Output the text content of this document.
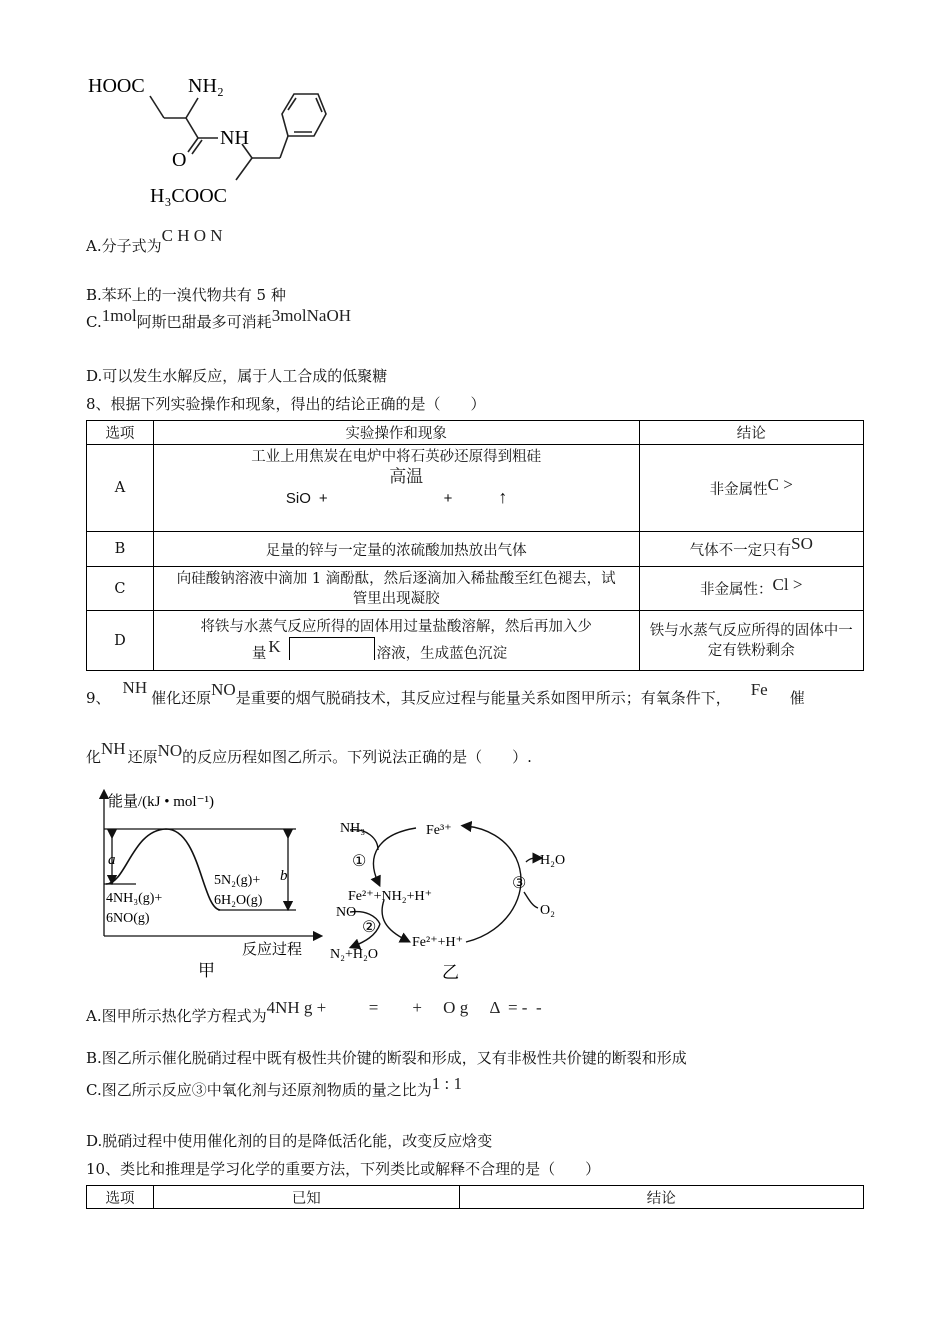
HOOC NH₂
NH
O
H₃COOC
A.分子式为C H O N
B.苯环上的一溴代物共有 5 种
C.1mol阿斯巴甜最多可消耗3molNaOH
D.可以发生水解反应，属于人工合成的低聚糖
8、根据下列实验操作和现象，得出的结论正确的是（　　）
选项	实验操作和现象	结论
A	工业上用焦炭在电炉中将石英砂还原得到粗硅
高温
SiO + + ↑	非金属性C >
B	足量的锌与一定量的浓硫酸加热放出气体	气体不一定只有SO
C	向硅酸钠溶液中滴加 1 滴酚酞，然后逐滴加入稀盐酸至红色褪去，试管里出现凝胶	非金属性：Cl >
D	将铁与水蒸气反应所得的固体用过量盐酸溶解，然后再加入少
量 K 溶液，生成蓝色沉淀	铁与水蒸气反应所得的固体中一定有铁粉剩余
9、NH催化还原NO是重要的烟气脱硝技术，其反应过程与能量关系如图甲所示；有氧条件下， Fe 催
化NH 还原NO的反应历程如图乙所示。下列说法正确的是（　　）.
能量/(kJ • mol⁻¹)
a
b
4NH₃(g)+
6NO(g)
5N₂(g)+
6H₂O(g)
反应过程
甲
NH₃	Fe³⁺
①
Fe²⁺+NH₂+H⁺
NO
②
N₂+H₂O
Fe²⁺+H⁺
H₂O
③
O₂
乙
A.图甲所示热化学方程式为4NH g +          =        +     O g     Δ  = -  -
B.图乙所示催化脱硝过程中既有极性共价键的断裂和形成，又有非极性共价键的断裂和形成
C.图乙所示反应③中氧化剂与还原剂物质的量之比为1 : 1
D.脱硝过程中使用催化剂的目的是降低活化能，改变反应焓变
10、类比和推理是学习化学的重要方法，下列类比或解释不合理的是（　　）
选项	已知	结论
